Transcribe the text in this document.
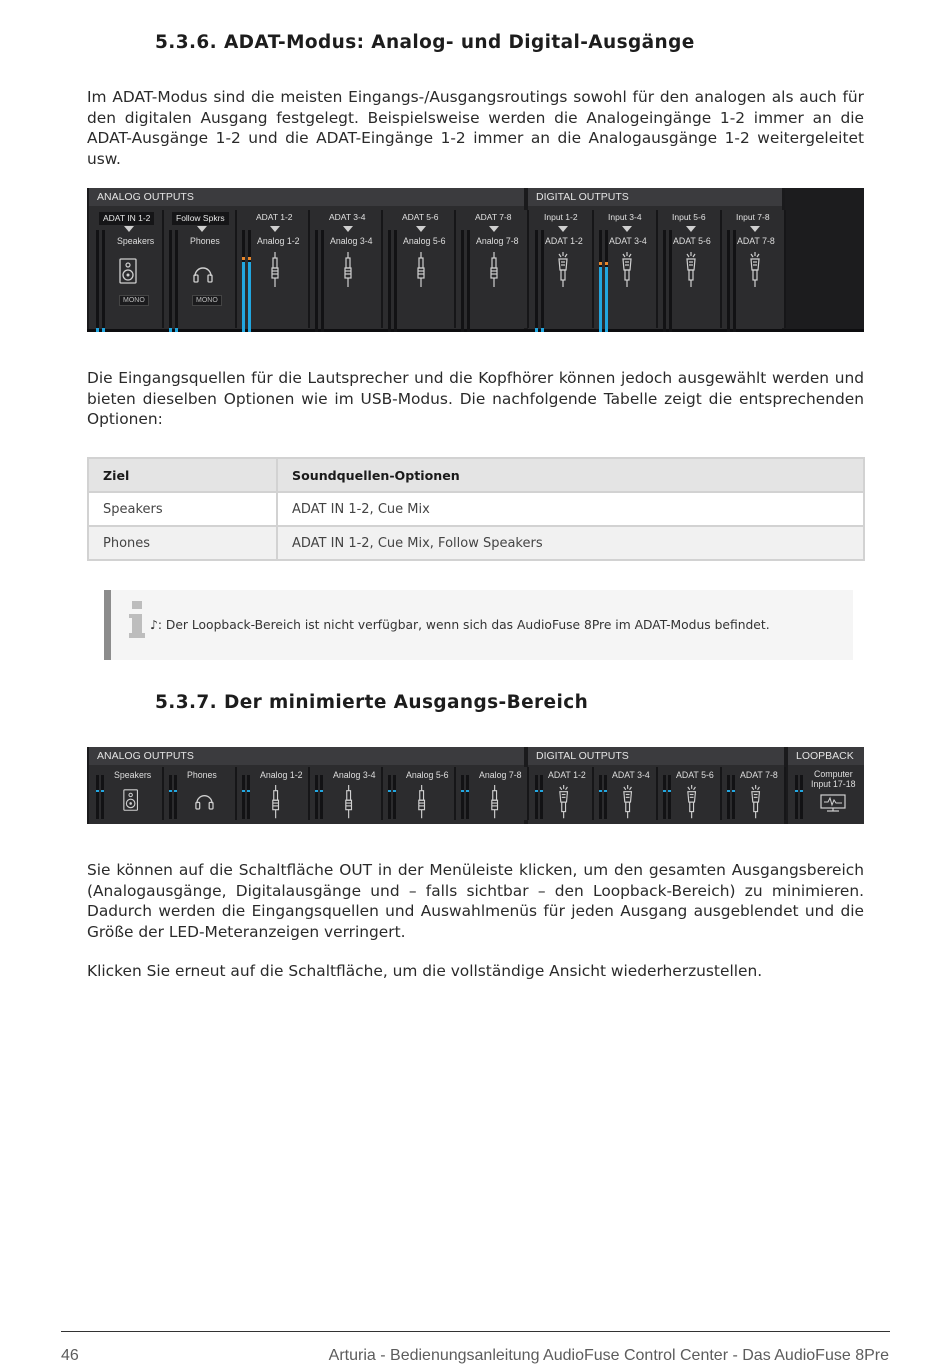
5.3.6. ADAT-Modus: Analog- und Digital-Ausgänge

Im ADAT-Modus sind die meisten Eingangs-/Ausgangsroutings sowohl für den analogen als auch für den digitalen Ausgang festgelegt. Beispielsweise werden die Analogeingänge 1-2 immer an die ADAT-Ausgänge 1-2 und die ADAT-Eingänge 1-2 immer an die Analogausgänge 1-2 weitergeleitet usw.

ANALOG OUTPUTS	DIGITAL OUTPUTS
ADAT IN 1-2
Speakers
MONO
Follow Spkrs
Phones
MONO
ADAT 1-2
Analog 1-2
ADAT 3-4
Analog 3-4
ADAT 5-6
Analog 5-6
ADAT 7-8
Analog 7-8
Input 1-2
ADAT 1-2
Input 3-4
ADAT 3-4
Input 5-6
ADAT 5-6
Input 7-8
ADAT 7-8

Die Eingangsquellen für die Lautsprecher und die Kopfhörer können jedoch ausgewählt werden und bieten dieselben Optionen wie im USB-Modus. Die nachfolgende Tabelle zeigt die entsprechenden Optionen:

Ziel	Soundquellen-Optionen
Speakers	ADAT IN 1-2, Cue Mix
Phones	ADAT IN 1-2, Cue Mix, Follow Speakers
♪: Der Loopback-Bereich ist nicht verfügbar, wenn sich das AudioFuse 8Pre im ADAT-Modus befindet.
5.3.7. Der minimierte Ausgangs-Bereich
ANALOG OUTPUTS	DIGITAL OUTPUTS	LOOPBACK
Speakers	Phones	Analog 1-2	Analog 3-4	Analog 5-6	Analog 7-8	ADAT 1-2	ADAT 3-4	ADAT 5-6	ADAT 7-8	Computer
Input 17-18

Sie können auf die Schaltfläche OUT in der Menüleiste klicken, um den gesamten Ausgangsbereich (Analogausgänge, Digitalausgänge und – falls sichtbar – den Loopback-Bereich) zu minimieren. Dadurch werden die Eingangsquellen und Auswahlmenüs für jeden Ausgang ausgeblendet und die Größe der LED-Meteranzeigen verringert.

Klicken Sie erneut auf die Schaltfläche, um die vollständige Ansicht wiederherzustellen.

46	Arturia - Bedienungsanleitung AudioFuse Control Center - Das AudioFuse 8Pre
